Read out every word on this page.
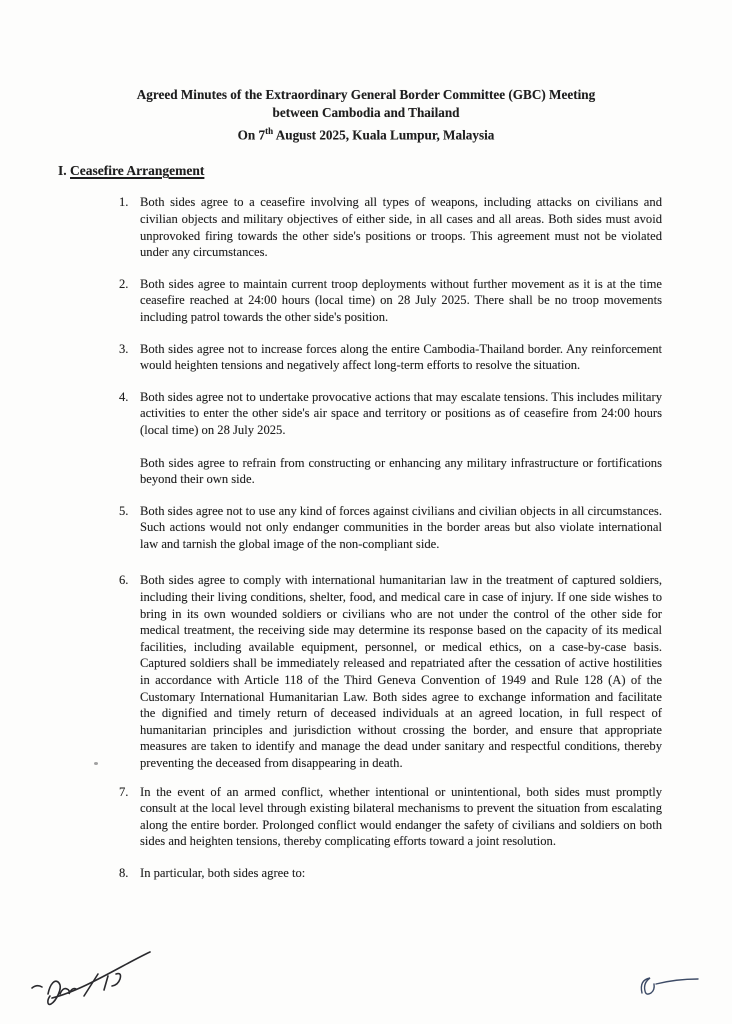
Agreed Minutes of the Extraordinary General Border Committee (GBC) Meeting
between Cambodia and Thailand
On 7th August 2025, Kuala Lumpur, Malaysia
I. Ceasefire Arrangement
1. Both sides agree to a ceasefire involving all types of weapons, including attacks on civilians and civilian objects and military objectives of either side, in all cases and all areas. Both sides must avoid unprovoked firing towards the other side's positions or troops. This agreement must not be violated under any circumstances.

2. Both sides agree to maintain current troop deployments without further movement as it is at the time ceasefire reached at 24:00 hours (local time) on 28 July 2025. There shall be no troop movements including patrol towards the other side's position.

3. Both sides agree not to increase forces along the entire Cambodia-Thailand border. Any reinforcement would heighten tensions and negatively affect long-term efforts to resolve the situation.

4. Both sides agree not to undertake provocative actions that may escalate tensions. This includes military activities to enter the other side's air space and territory or positions as of ceasefire from 24:00 hours (local time) on 28 July 2025.

Both sides agree to refrain from constructing or enhancing any military infrastructure or fortifications beyond their own side.

5. Both sides agree not to use any kind of forces against civilians and civilian objects in all circumstances. Such actions would not only endanger communities in the border areas but also violate international law and tarnish the global image of the non-compliant side.

6. Both sides agree to comply with international humanitarian law in the treatment of captured soldiers, including their living conditions, shelter, food, and medical care in case of injury. If one side wishes to bring in its own wounded soldiers or civilians who are not under the control of the other side for medical treatment, the receiving side may determine its response based on the capacity of its medical facilities, including available equipment, personnel, or medical ethics, on a case-by-case basis. Captured soldiers shall be immediately released and repatriated after the cessation of active hostilities in accordance with Article 118 of the Third Geneva Convention of 1949 and Rule 128 (A) of the Customary International Humanitarian Law. Both sides agree to exchange information and facilitate the dignified and timely return of deceased individuals at an agreed location, in full respect of humanitarian principles and jurisdiction without crossing the border, and ensure that appropriate measures are taken to identify and manage the dead under sanitary and respectful conditions, thereby preventing the deceased from disappearing in death.

7. In the event of an armed conflict, whether intentional or unintentional, both sides must promptly consult at the local level through existing bilateral mechanisms to prevent the situation from escalating along the entire border. Prolonged conflict would endanger the safety of civilians and soldiers on both sides and heighten tensions, thereby complicating efforts toward a joint resolution.

8. In particular, both sides agree to:
